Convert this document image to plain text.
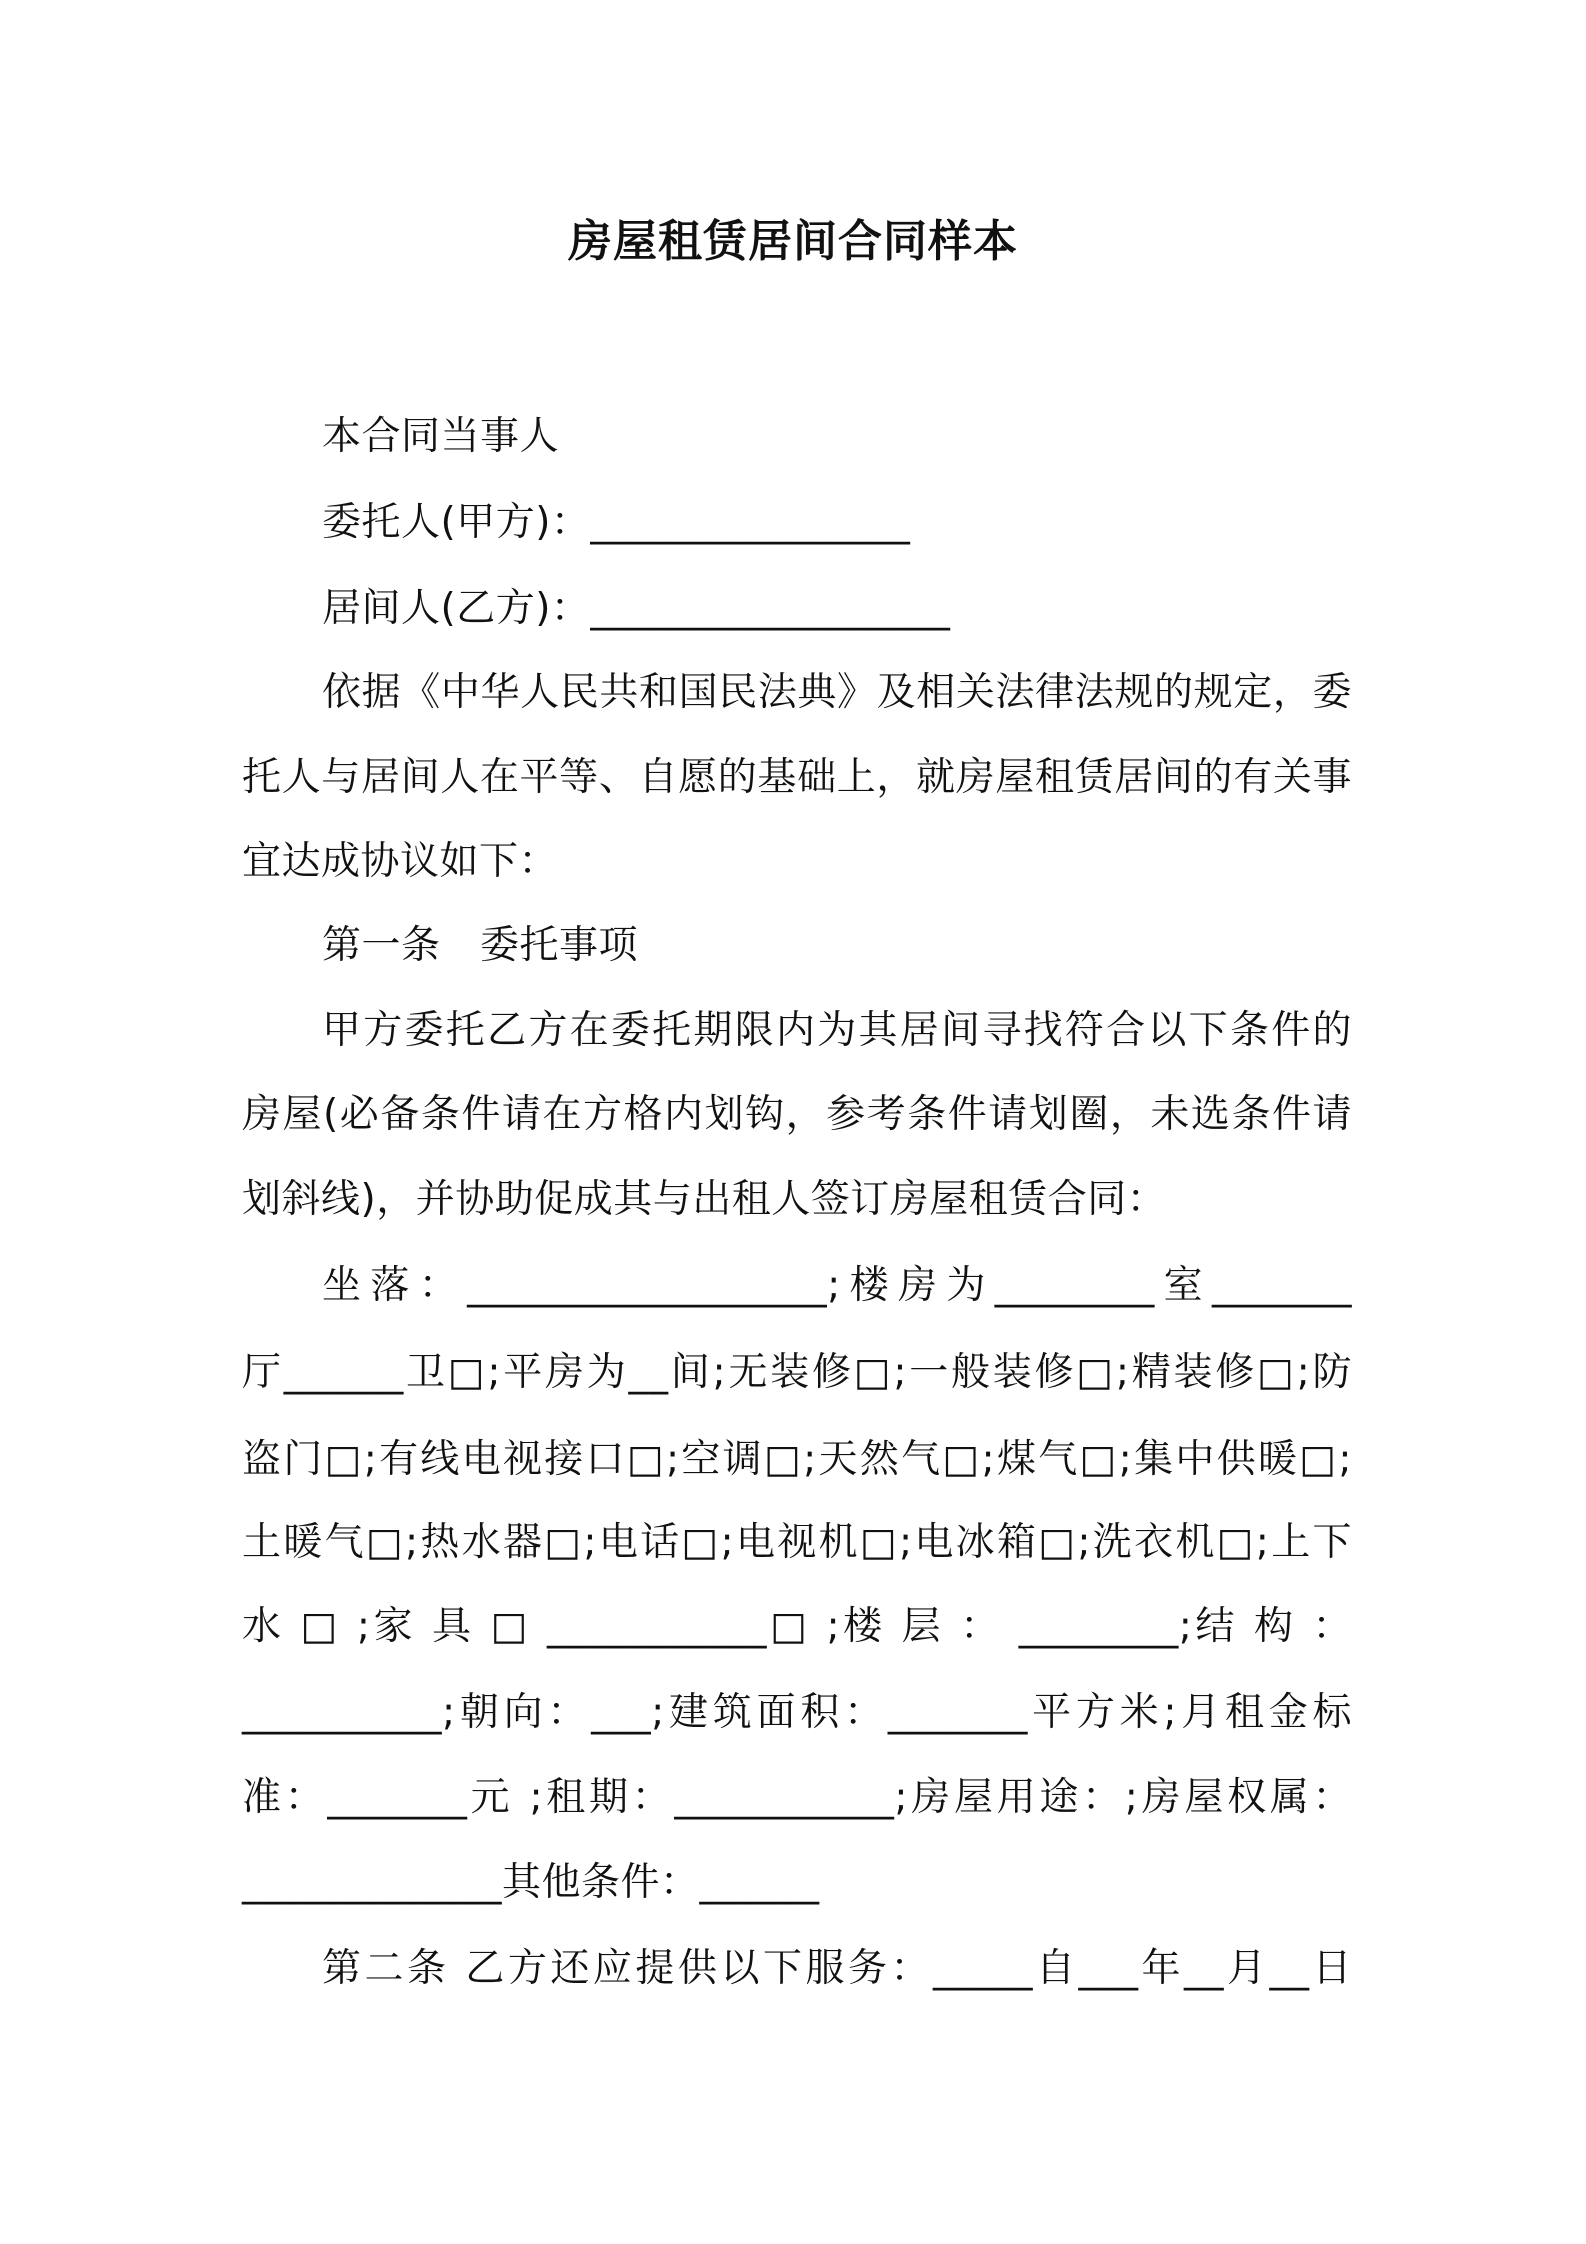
房屋租赁居间合同样本
本合同当事人
委托人(甲方)：________________
居间人(乙方)：__________________
依据《中华人民共和国民法典》及相关法律法规的规定，委
托人与居间人在平等、自愿的基础上，就房屋租赁居间的有关事
宜达成协议如下：
第一条　委托事项
甲方委托乙方在委托期限内为其居间寻找符合以下条件的
房屋(必备条件请在方格内划钩，参考条件请划圈，未选条件请
划斜线)，并协助促成其与出租人签订房屋租赁合同：
坐落：__________________;楼房为________室_______
厅______卫□;平房为__间;无装修□;一般装修□;精装修□;防
盗门□;有线电视接口□;空调□;天然气□;煤气□;集中供暖□;
土暖气□;热水器□;电话□;电视机□;电冰箱□;洗衣机□;上下
水 □ ;家 具 □ ___________□ ;楼 层 ： ________;结 构 ：
__________;朝向：___;建筑面积：_______平方米;月租金标
准：_______元 ;租期：___________;房屋用途：;房屋权属：
_____________其他条件：______
第二条 乙方还应提供以下服务：_____自___年__月__日
